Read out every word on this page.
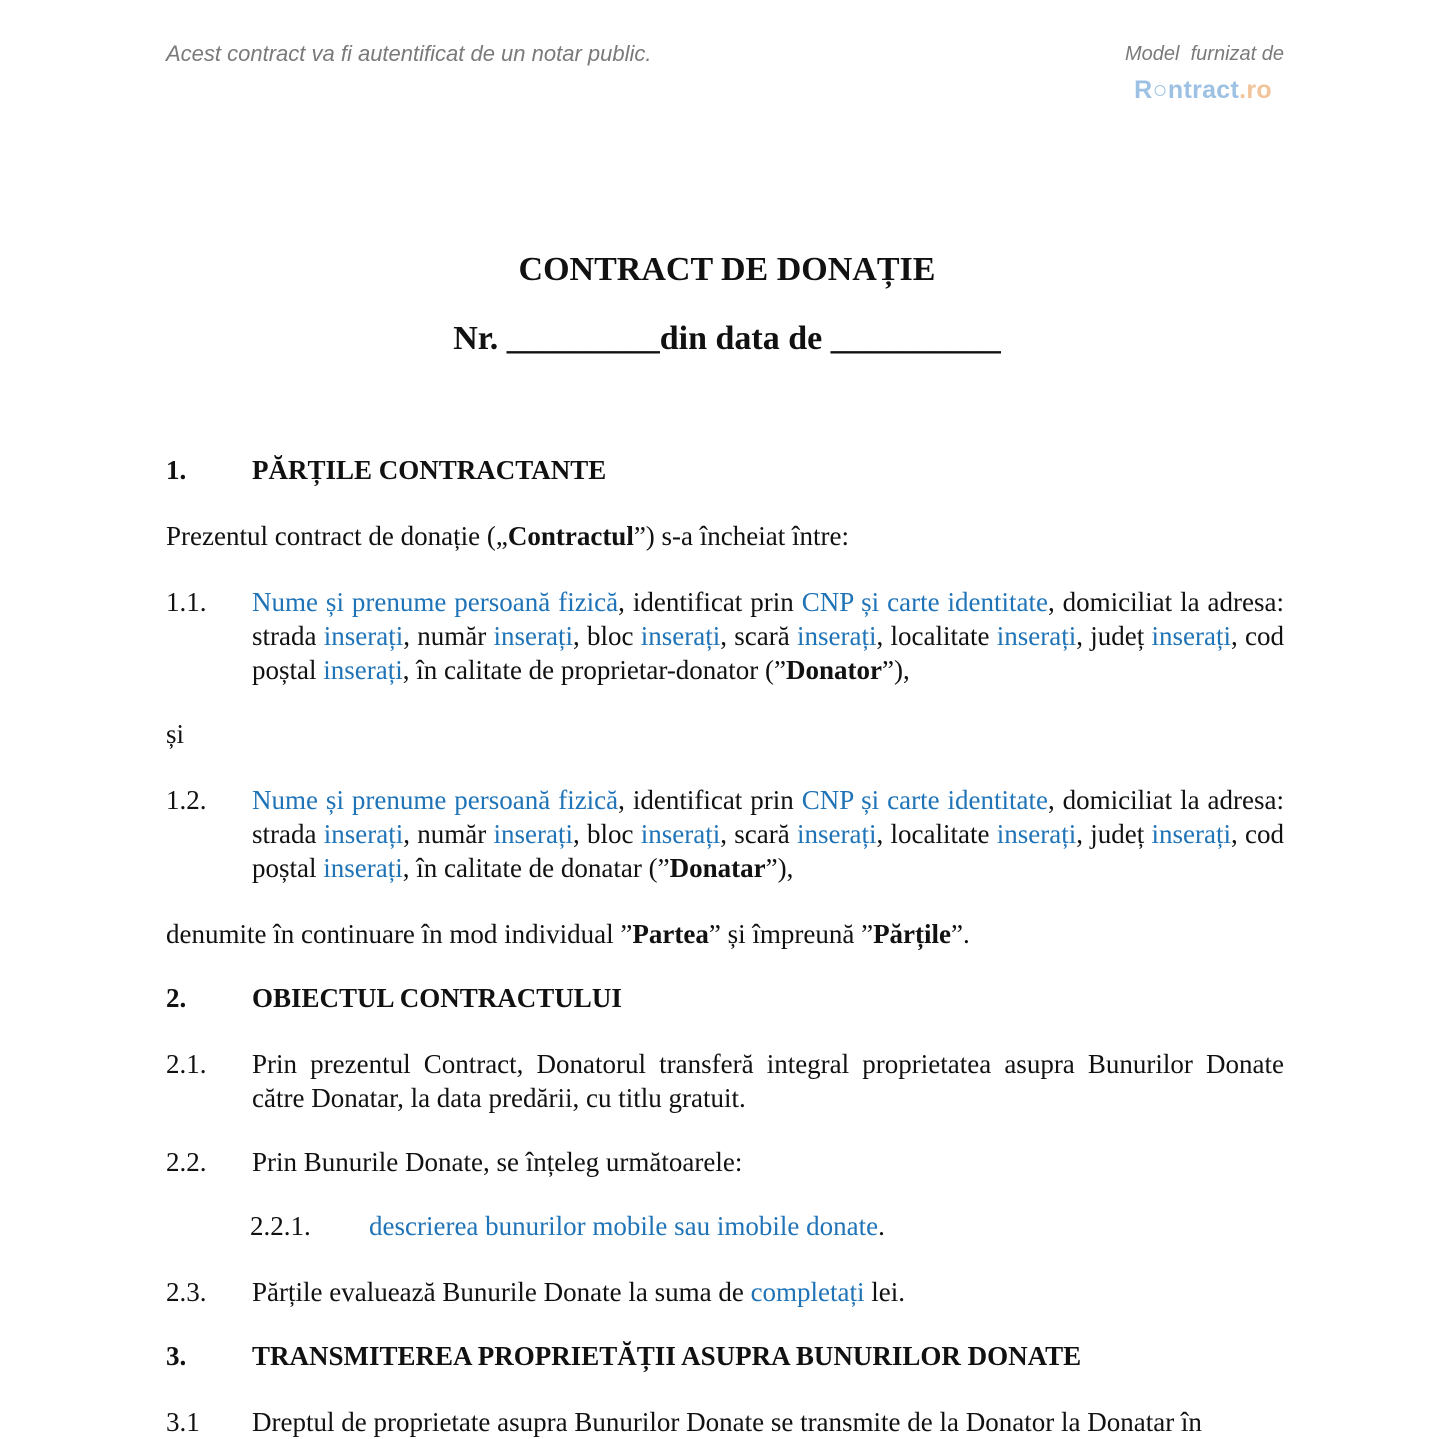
Acest contract va fi autentificat de un notar public.	Model  furnizat de
R○ntract.ro
CONTRACT DE DONAȚIE
Nr. _________din data de __________
1. PĂRȚILE CONTRACTANTE
Prezentul contract de donație („Contractul”) s-a încheiat între:
1.1. Nume și prenume persoană fizică, identificat prin CNP și carte identitate, domiciliat la adresa: strada inserați, număr inserați, bloc inserați, scară inserați, localitate inserați, județ inserați, cod poștal inserați, în calitate de proprietar-donator (”Donator”),
și
1.2. Nume și prenume persoană fizică, identificat prin CNP și carte identitate, domiciliat la adresa: strada inserați, număr inserați, bloc inserați, scară inserați, localitate inserați, județ inserați, cod poștal inserați, în calitate de donatar (”Donatar”),
denumite în continuare în mod individual ”Partea” și împreună ”Părțile”.
2. OBIECTUL CONTRACTULUI
2.1. Prin prezentul Contract, Donatorul transferă integral proprietatea asupra Bunurilor Donate către Donatar, la data predării, cu titlu gratuit.
2.2. Prin Bunurile Donate, se înțeleg următoarele:
2.2.1. descrierea bunurilor mobile sau imobile donate.
2.3. Părțile evaluează Bunurile Donate la suma de completați lei.
3. TRANSMITEREA PROPRIETĂȚII ASUPRA BUNURILOR DONATE
3.1 Dreptul de proprietate asupra Bunurilor Donate se transmite de la Donator la Donatar în
